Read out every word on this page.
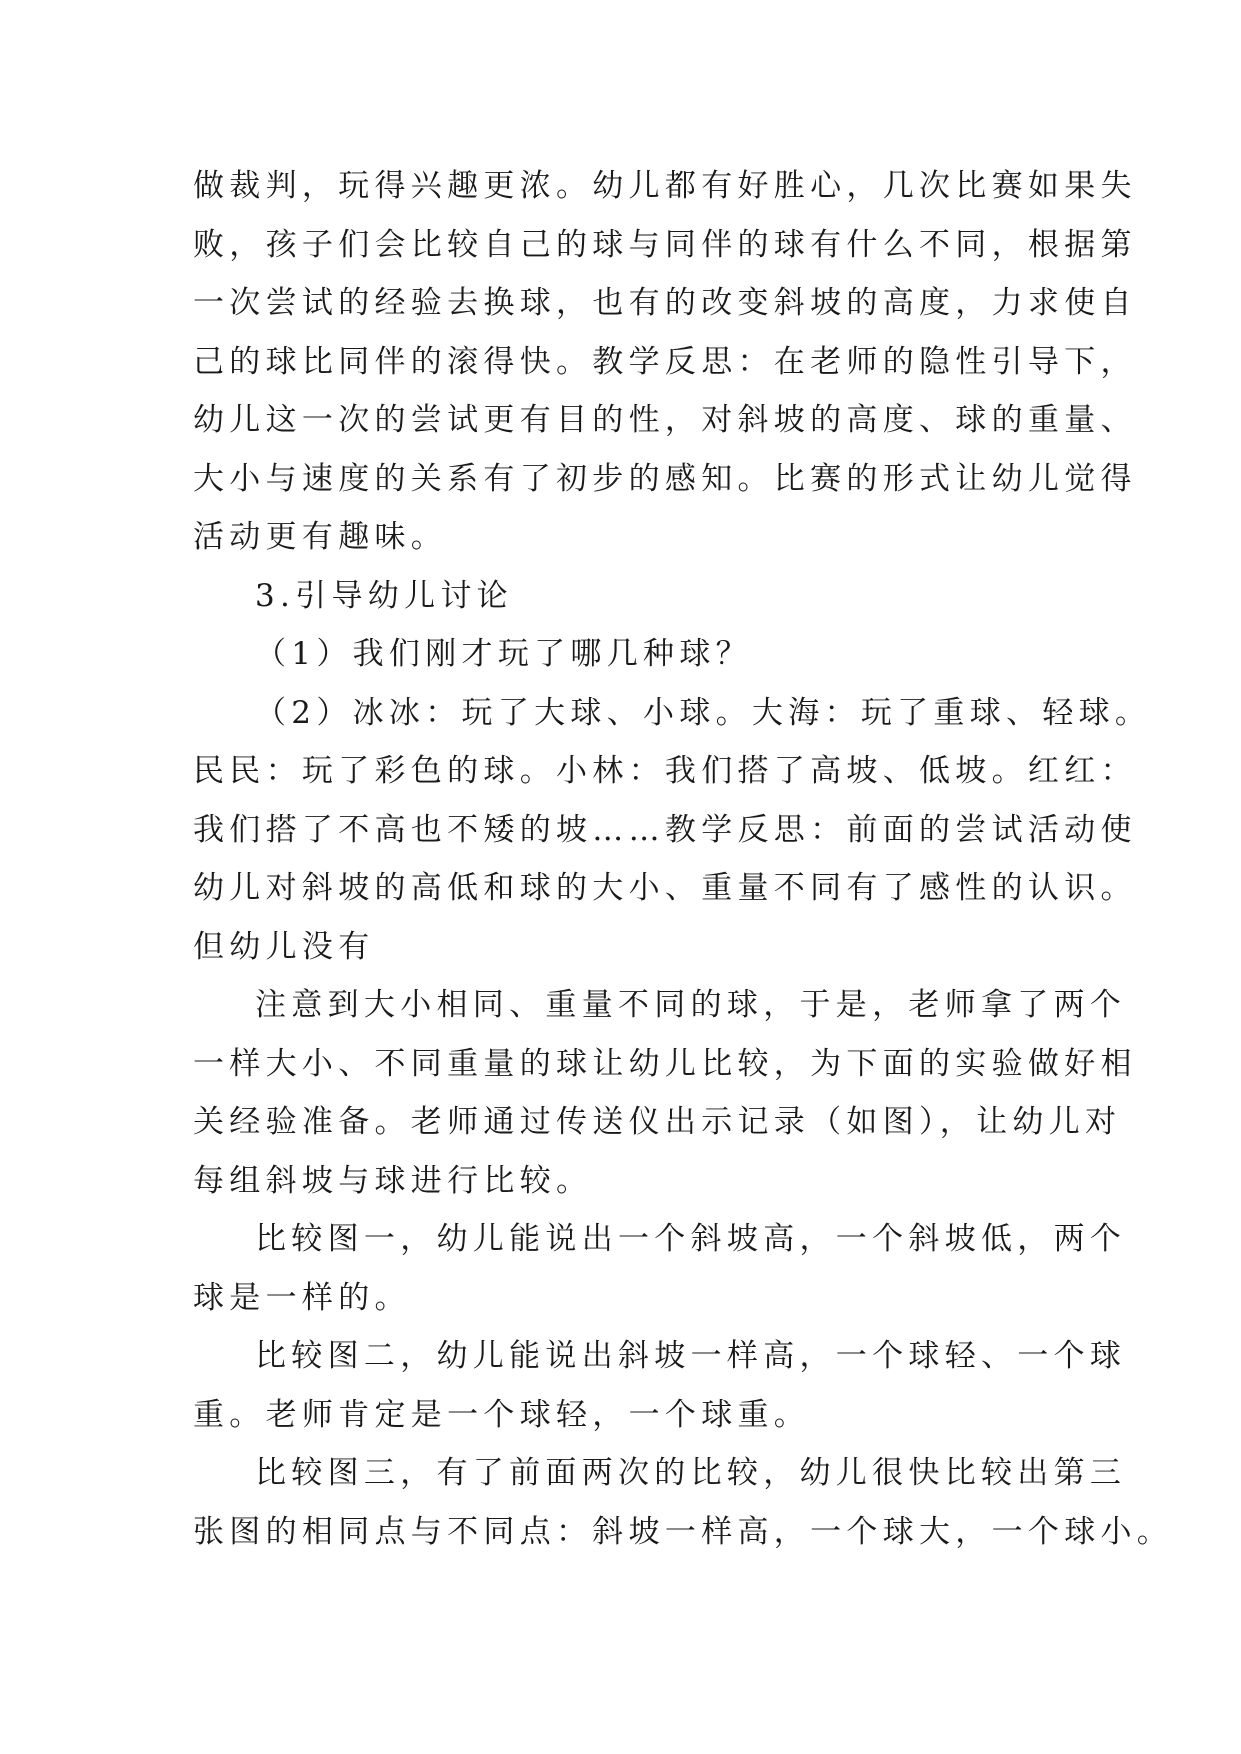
做裁判，玩得兴趣更浓。幼儿都有好胜心，几次比赛如果失

败，孩子们会比较自己的球与同伴的球有什么不同，根据第

一次尝试的经验去换球，也有的改变斜坡的高度，力求使自

己的球比同伴的滚得快。教学反思：在老师的隐性引导下，

幼儿这一次的尝试更有目的性，对斜坡的高度、球的重量、

大小与速度的关系有了初步的感知。比赛的形式让幼儿觉得

活动更有趣味。

3.引导幼儿讨论

（1）我们刚才玩了哪几种球？

（2）冰冰：玩了大球、小球。大海：玩了重球、轻球。

民民：玩了彩色的球。小林：我们搭了高坡、低坡。红红：

我们搭了不高也不矮的坡……教学反思：前面的尝试活动使

幼儿对斜坡的高低和球的大小、重量不同有了感性的认识。

但幼儿没有

注意到大小相同、重量不同的球，于是，老师拿了两个

一样大小、不同重量的球让幼儿比较，为下面的实验做好相

关经验准备。老师通过传送仪出示记录（如图），让幼儿对

每组斜坡与球进行比较。

比较图一，幼儿能说出一个斜坡高，一个斜坡低，两个

球是一样的。

比较图二，幼儿能说出斜坡一样高，一个球轻、一个球

重。老师肯定是一个球轻，一个球重。

比较图三，有了前面两次的比较，幼儿很快比较出第三

张图的相同点与不同点：斜坡一样高，一个球大，一个球小。
